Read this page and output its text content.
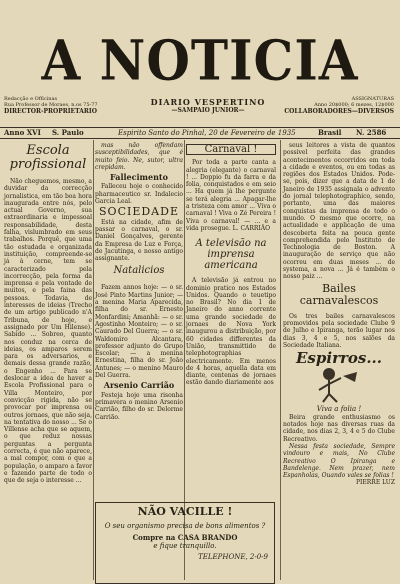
A NOTICIA
Redacção e Officinas
Rua Professor de Moraes, n.os 75-77
DIRECTOR-PROPRIETARIO
DIARIO VESPERTINO
—SAMPAIO JUNIOR—
ASSIGNATURAS
Anno 20$000; 6 mezes, 12$000
COLLABORADORES—DIVERSOS
Anno XVI S. Paulo	Espirito Santo do Pinhal, 20 de Fevereiro de 1935	Brasil N. 2586
Escola profissional

Não cheguemos, mesmo, a duvidar da correcção jornalistica, em tão boa hora inaugurada entre nós, pelo actual Governo, sua extraordinaria e impessoal responsabilidade, desta falha, vislumbrado em seus trabalhos. Porquê, que uma tão estudada e organizada instituição, compreende-se já à cerne, tem se caracterizado pela incorrecção, pela forma da imprensa e pela vontade de muitos, e pela faina das pessoas. Todavia, de interesses de ideias (Trecho de um artigo publicado n'A Tribuna, de hoje, e assignado por Um Hilense). Sabido ... Sobreo, quanto nos conduz na cerca de ideias, os amparos serem para os adversarios, e demais dessa grande razão, o Engenho ... Para se deslocar a idea de haver a Escola Profissional para o Villa Monteiro, por convicção rigida, não se provocar por imprensa ou outros jornaes, que não seja, na tentativa do nosso ... Se o Villense acha que se aquem, o que reduz nossas perguntas a pergunta correcta, é que não aparece, a mal compor, com o que a população, o amparo a favor e fazendo parte de todo o que de seja o interesse ...

mas não offendam susceptibilidades, que é muito feio. Ne, sutor, ultra crepidam.

Fallecimento

Falleceu hoje o conhecido pharmaceutico sr. Indalecio Garcia Leal.

SOCIEDADE

Está na cidade, afim de passar o carnaval, o sr. Daniel Gonçalves, gerente da Empresa de Luz e Força, de Jacutinga, e nosso antigo assignante.

Natalicios

Fazem annos hoje: — o sr. José Pinto Martins Junior; — a menina Maria Aparecida, filha do sr. Ernesto Monfardini; Amanhã: — o sr. Agostinho Monteiro; — o sr. Caurado Del Guerra; — o sr. Waldomiro Alcantara, professor adjunto do Grupo Escolar; — a menina Ernestina, filha do sr. João Antunes; — o menino Mauro Del Guerra.

Arsenio Carrião

Festeja hoje uma risonha primavera o menino Arsenio Carrião, filho do sr. Delorme Carrião.

Carnaval !

Por toda a parte canta a alegria (elegante) o carnaval ! ... Doppio fu da farra e da folia, conquistados e em seio ... Ha quem já lhe pergunte se terá alegria ... Apagar-lhe a tristeza com amor ... Viva o carnaval ! Viva o Zé Pereira ! Viva o carnaval! — ... e a vida prosegue. L. CARRIÃO

A televisão na imprensa americana

A televisão já entrou no dominio pratico nos Estados Unidos. Quando o teuetipo no Brasil? No dia 1 de Janeiro do anno corrente uma grande sociedade de jornaes de Nova York inaugurou a distribuição, por 60 cidades differentes da União, transmittido de telephotographias electricamente. Em menos de 4 horas, aquella data em diante, centenas de jornaes estão dando diariamente aos

seus leitores a vista de quantos possivel perfeita das grandes acontecimentos occorridos em toda a cidade e eventos, ou em todas as regiões dos Estados Unidos. Pode-se, pois, dizer que a data de 1 de Janeiro de 1935 assignala o advento do jornal telephotographico, sendo, portanto, uma das maiores conquistas da imprensa de todo o mundo. O mesmo que ocorre, na actualidade e applicação de uma descoberta feita na pouca gente comprehendida pelo Instituto de Technologia de Boston. A inauguração de serviço que não ocorreu em duas meses ... de systema, a nova ... Já é também o nosso paiz ...

Bailes carnavalescos

Os tres bailes carnavalescos promovidos pela sociedade Clube 9 de Julho e Ipiranga, terão lugar nos dias 3, 4 e 5, nos salões da Sociedade Italiana.

Espirros...
Viva a folia !

Beira grande enthusiasmo os notados hoje nas diversas ruas da cidade, nos dias 2, 3, 4 e 5 do Clube Recreativo.

Nessa festa sociedade, Sempre vindouro e mais, No Clube Recreativo O Ipiranga e Bandelenge. Nem prazer, nem Espanholas, Ouando vales se folias !

PIERRE LUZ
NÃO VACILLE !
O seu organismo precisa de bons alimentos ?
Compre na CASA BRANDO
e fique tranquillo.
TELEPHONE, 2-0-9
